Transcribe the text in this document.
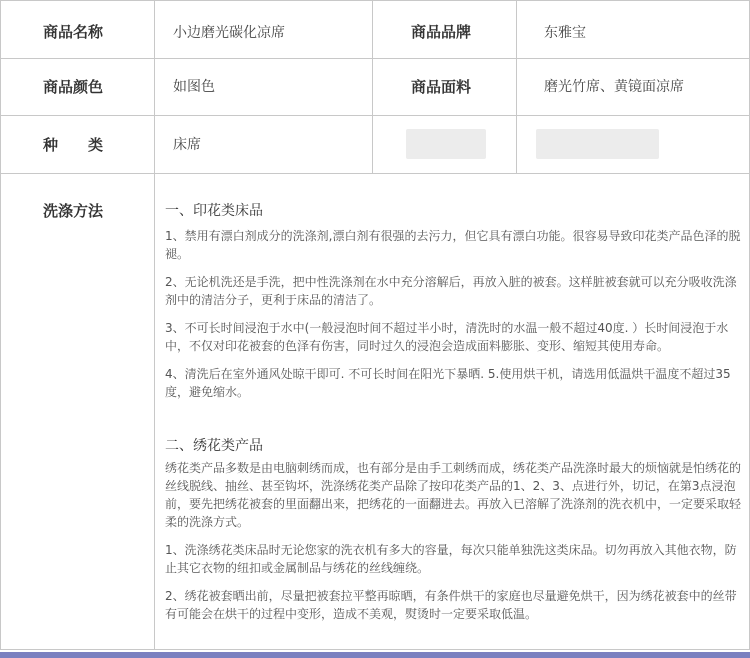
商品名称	小边磨光碳化凉席	商品品牌	东雅宝
商品颜色	如图色	商品面料	磨光竹席、黄镜面凉席
种　　类	床席
洗涤方法	一、印花类床品

1、禁用有漂白剂成分的洗涤剂,漂白剂有很强的去污力，但它具有漂白功能。很容易导致印花类产品色泽的脱褪。

2、无论机洗还是手洗，把中性洗涤剂在水中充分溶解后，再放入脏的被套。这样脏被套就可以充分吸收洗涤剂中的清洁分子，更利于床品的清洁了。

3、不可长时间浸泡于水中(一般浸泡时间不超过半小时，清洗时的水温一般不超过40度. ）长时间浸泡于水中，不仅对印花被套的色泽有伤害，同时过久的浸泡会造成面料膨胀、变形、缩短其使用寿命。

4、清洗后在室外通风处晾干即可. 不可长时间在阳光下暴晒. 5.使用烘干机，请选用低温烘干温度不超过35度，避免缩水。

二、绣花类产品

绣花类产品多数是由电脑刺绣而成，也有部分是由手工刺绣而成，绣花类产品洗涤时最大的烦恼就是怕绣花的丝线脱线、抽丝、甚至钩坏，洗涤绣花类产品除了按印花类产品的1、2、3、点进行外，切记，在第3点浸泡前，要先把绣花被套的里面翻出来，把绣花的一面翻进去。再放入已溶解了洗涤剂的洗衣机中，一定要采取轻柔的洗涤方式。

1、洗涤绣花类床品时无论您家的洗衣机有多大的容量，每次只能单独洗这类床品。切勿再放入其他衣物，防止其它衣物的纽扣或金属制品与绣花的丝线缠绕。

2、绣花被套晒出前，尽量把被套拉平整再晾晒，有条件烘干的家庭也尽量避免烘干，因为绣花被套中的丝带有可能会在烘干的过程中变形，造成不美观，熨烫时一定要采取低温。
